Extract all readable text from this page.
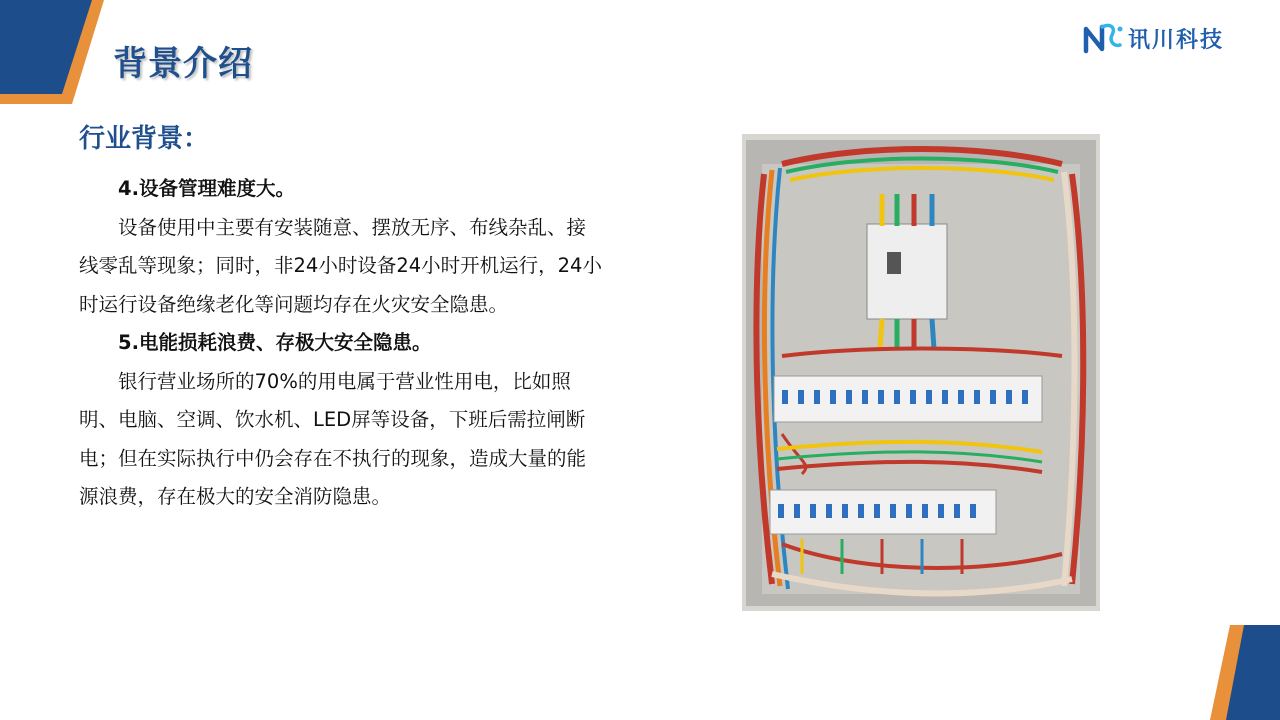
背景介绍
讯川科技
行业背景：

4.设备管理难度大。

设备使用中主要有安装随意、摆放无序、布线杂乱、接线零乱等现象；同时，非24小时设备24小时开机运行，24小时运行设备绝缘老化等问题均存在火灾安全隐患。

5.电能损耗浪费、存极大安全隐患。

银行营业场所的70%的用电属于营业性用电，比如照明、电脑、空调、饮水机、LED屏等设备，下班后需拉闸断电；但在实际执行中仍会存在不执行的现象，造成大量的能源浪费，存在极大的安全消防隐患。
